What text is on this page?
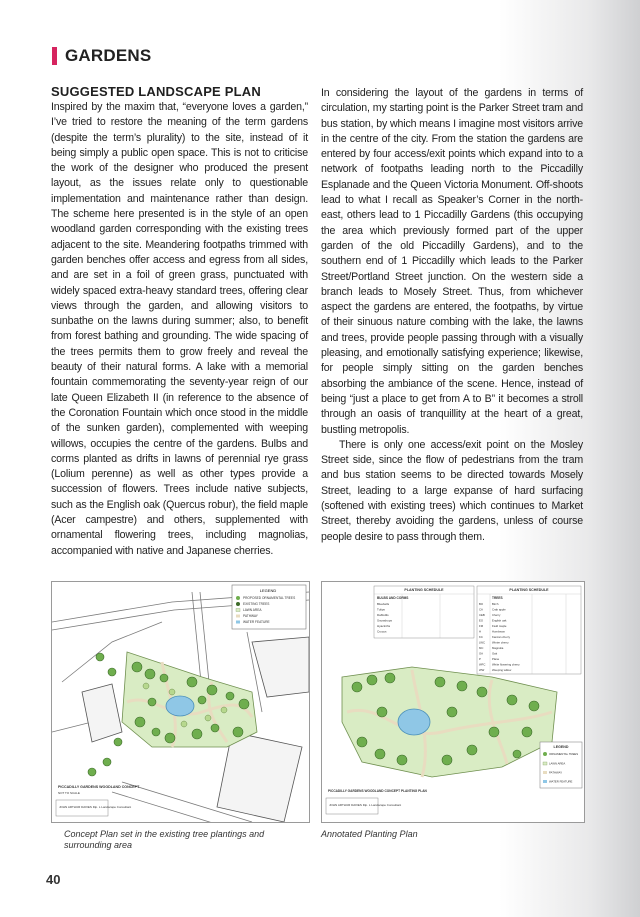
GARDENS
SUGGESTED LANDSCAPE PLAN

Inspired by the maxim that, “everyone loves a garden,” I’ve tried to restore the meaning of the term gardens (despite the term’s plurality) to the site, instead of it being simply a public open space. This is not to criticise the work of the designer who produced the present layout, as the issues relate only to questionable implementation and maintenance rather than design. The scheme here presented is in the style of an open woodland garden corresponding with the existing trees adjacent to the site. Meandering footpaths trimmed with garden benches offer access and egress from all sides, and are set in a foil of green grass, punctuated with widely spaced extra-heavy standard trees, offering clear views through the garden, and allowing visitors to sunbathe on the lawns during summer; also, to benefit from forest bathing and grounding. The wide spacing of the trees permits them to grow freely and reveal the beauty of their natural forms. A lake with a memorial fountain commemorating the seventy-year reign of our late Queen Elizabeth II (in reference to the absence of the Coronation Fountain which once stood in the middle of the sunken garden), complemented with weeping willows, occupies the centre of the gardens. Bulbs and corms planted as drifts in lawns of perennial rye grass (Lolium perenne) as well as other types provide a succession of flowers. Trees include native subjects, such as the English oak (Quercus robur), the field maple (Acer campestre) and others, supplemented with ornamental flowering trees, including magnolias, accompanied with native and Japanese cherries.

In considering the layout of the gardens in terms of circulation, my starting point is the Parker Street tram and bus station, by which means I imagine most visitors arrive in the centre of the city. From the station the gardens are entered by four access/exit points which expand into to a network of footpaths leading north to the Piccadilly Esplanade and the Queen Victoria Monument. Off-shoots lead to what I recall as Speaker’s Corner in the north-east, others lead to 1 Piccadilly Gardens (this occupying the area which previously formed part of the upper garden of the old Piccadilly Gardens), and to the southern end of 1 Piccadilly which leads to the Parker Street/Portland Street junction. On the western side a branch leads to Mosely Street. Thus, from whichever aspect the gardens are entered, the footpaths, by virtue of their sinuous nature combing with the lake, the lawns and trees, provide people passing through with a visually pleasing, and emotionally satisfying experience; likewise, for people simply sitting on the garden benches absorbing the ambiance of the scene. Hence, instead of being “just a place to get from A to B” it becomes a stroll through an oasis of tranquillity at the heart of a great, bustling metropolis.

There is only one access/exit point on the Mosley Street side, since the flow of pedestrians from the tram and bus station seems to be directed towards Mosely Street, leading to a large expanse of hard surfacing (softened with existing trees) which continues to Market Street, thereby avoiding the gardens, unless of course people desire to pass through them.

LEGEND
PROPOSED ORNAMENTAL TREES
EXISTING TREES
LAWN AREA
PATHWAY
WATER FEATURE
PICCADILLY GARDENS WOODLAND CONCEPT
NOT TO SCALE
JOHN ARTHUR DAVIES Dip. L Landscape Consultant
PLANTING SCHEDULE	PLANTING SCHEDULE
BULBS AND CORMS
Bluebells
Tulips
Daffodils
Snowdrops
Hyacinths
Crocus
TREES
BO	Birch
CA	Crab apple
CEB	Cherry
EO	English oak
FM	Field maple
H	Hornbeam
KC	Kanzan cherry
LWC Winter cherry
MC	Magnolia
OA	Oak
P	Plane
WFC White flowering cherry
WW	Weeping willow
LEGEND
ORNAMENTAL TREES
LAWN AREA
PATHWAY
WATER FEATURE
PICCADILLY GARDENS WOODLAND CONCEPT PLANTING PLAN
JOHN ARTHUR DAVIES Dip. L Landscape Consultant
Concept Plan set in the existing tree plantings and surrounding area
Annotated Planting Plan
40
